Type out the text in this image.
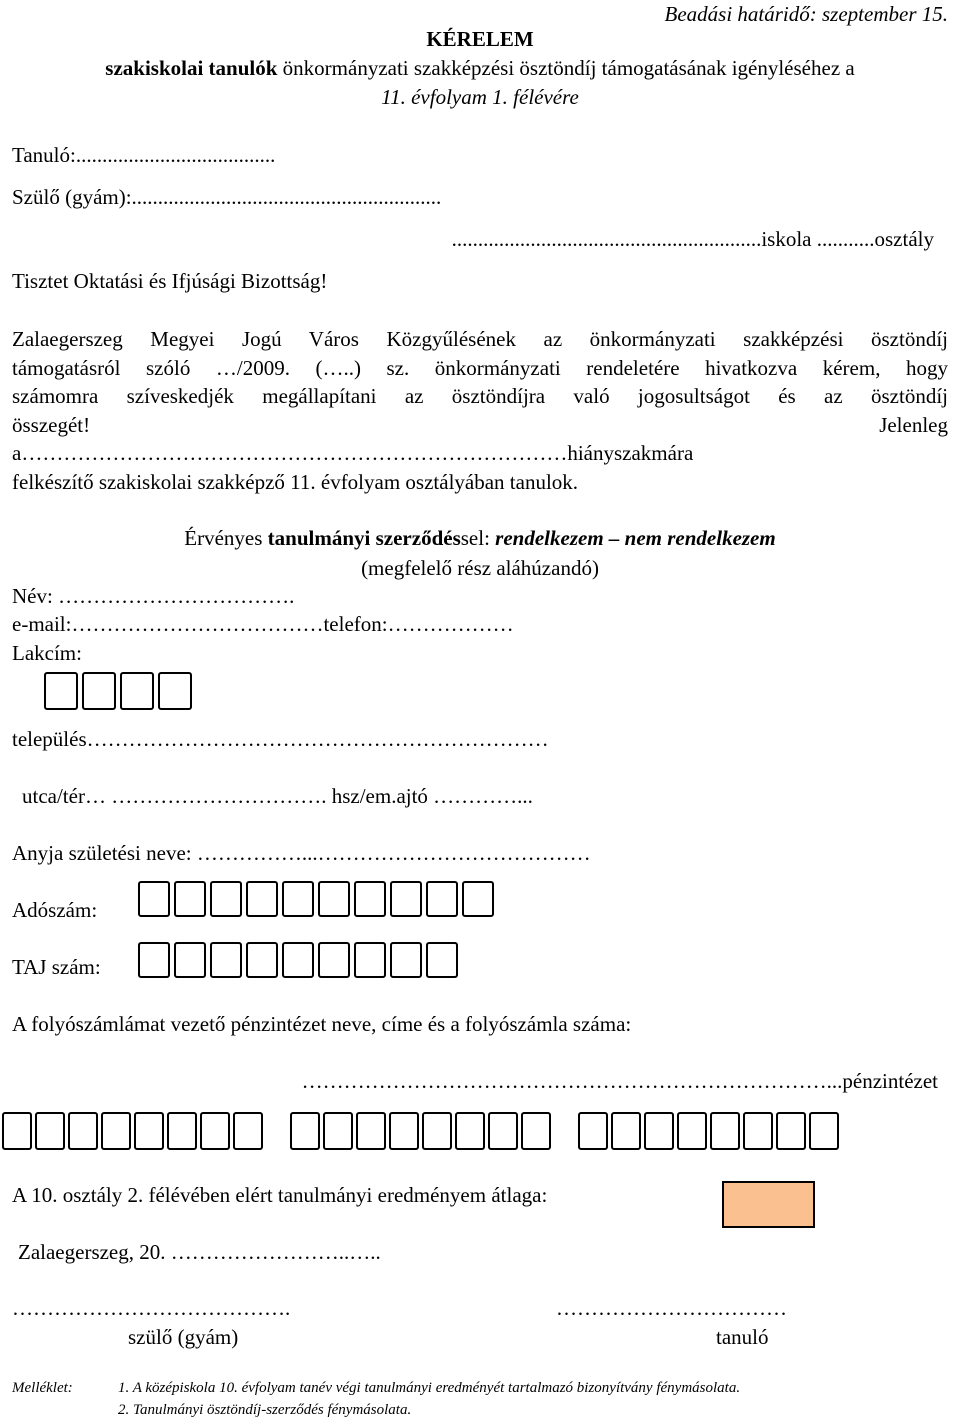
Beadási határidő: szeptember 15.
KÉRELEM
szakiskolai tanulók önkormányzati szakképzési ösztöndíj támogatásának igényléséhez a
11. évfolyam 1. félévére
Tanuló:......................................
Szülő (gyám):...........................................................
...........................................................iskola ...........osztály
Tisztet Oktatási és Ifjúsági Bizottság!
Zalaegerszeg Megyei Jogú Város Közgyűlésének az önkormányzati szakképzési ösztöndíj
támogatásról szóló …/2009. (…..) sz. önkormányzati rendeletére hivatkozva kérem, hogy
számomra szíveskedjék megállapítani az ösztöndíjra való jogosultságot és az ösztöndíj
összegét!	Jelenleg
a……………………………………………………………………hiányszakmára
felkészítő szakiskolai szakképző 11. évfolyam osztályában tanulok.
Érvényes tanulmányi szerződéssel: rendelkezem – nem rendelkezem
(megfelelő rész aláhúzandó)
Név: …………………………….
e-mail:………………………………telefon:………………
Lakcím:
település…………………………………………………………
utca/tér… …………………………. hsz/em.ajtó …………...
Anyja születési neve: ……………...…………………………………
Adószám:
TAJ szám:
A folyószámlámat vezető pénzintézet neve, címe és a folyószámla száma:
…………………………………………………………………...pénzintézet
A 10. osztály 2. félévében elért tanulmányi eredményem átlaga:
Zalaegerszeg, 20. ……………………..…..
………………………………….	……………………………
szülő (gyám)	tanuló
Melléklet:	1. A középiskola 10. évfolyam tanév végi tanulmányi eredményét tartalmazó bizonyítvány fénymásolata.
2. Tanulmányi ösztöndíj-szerződés fénymásolata.
